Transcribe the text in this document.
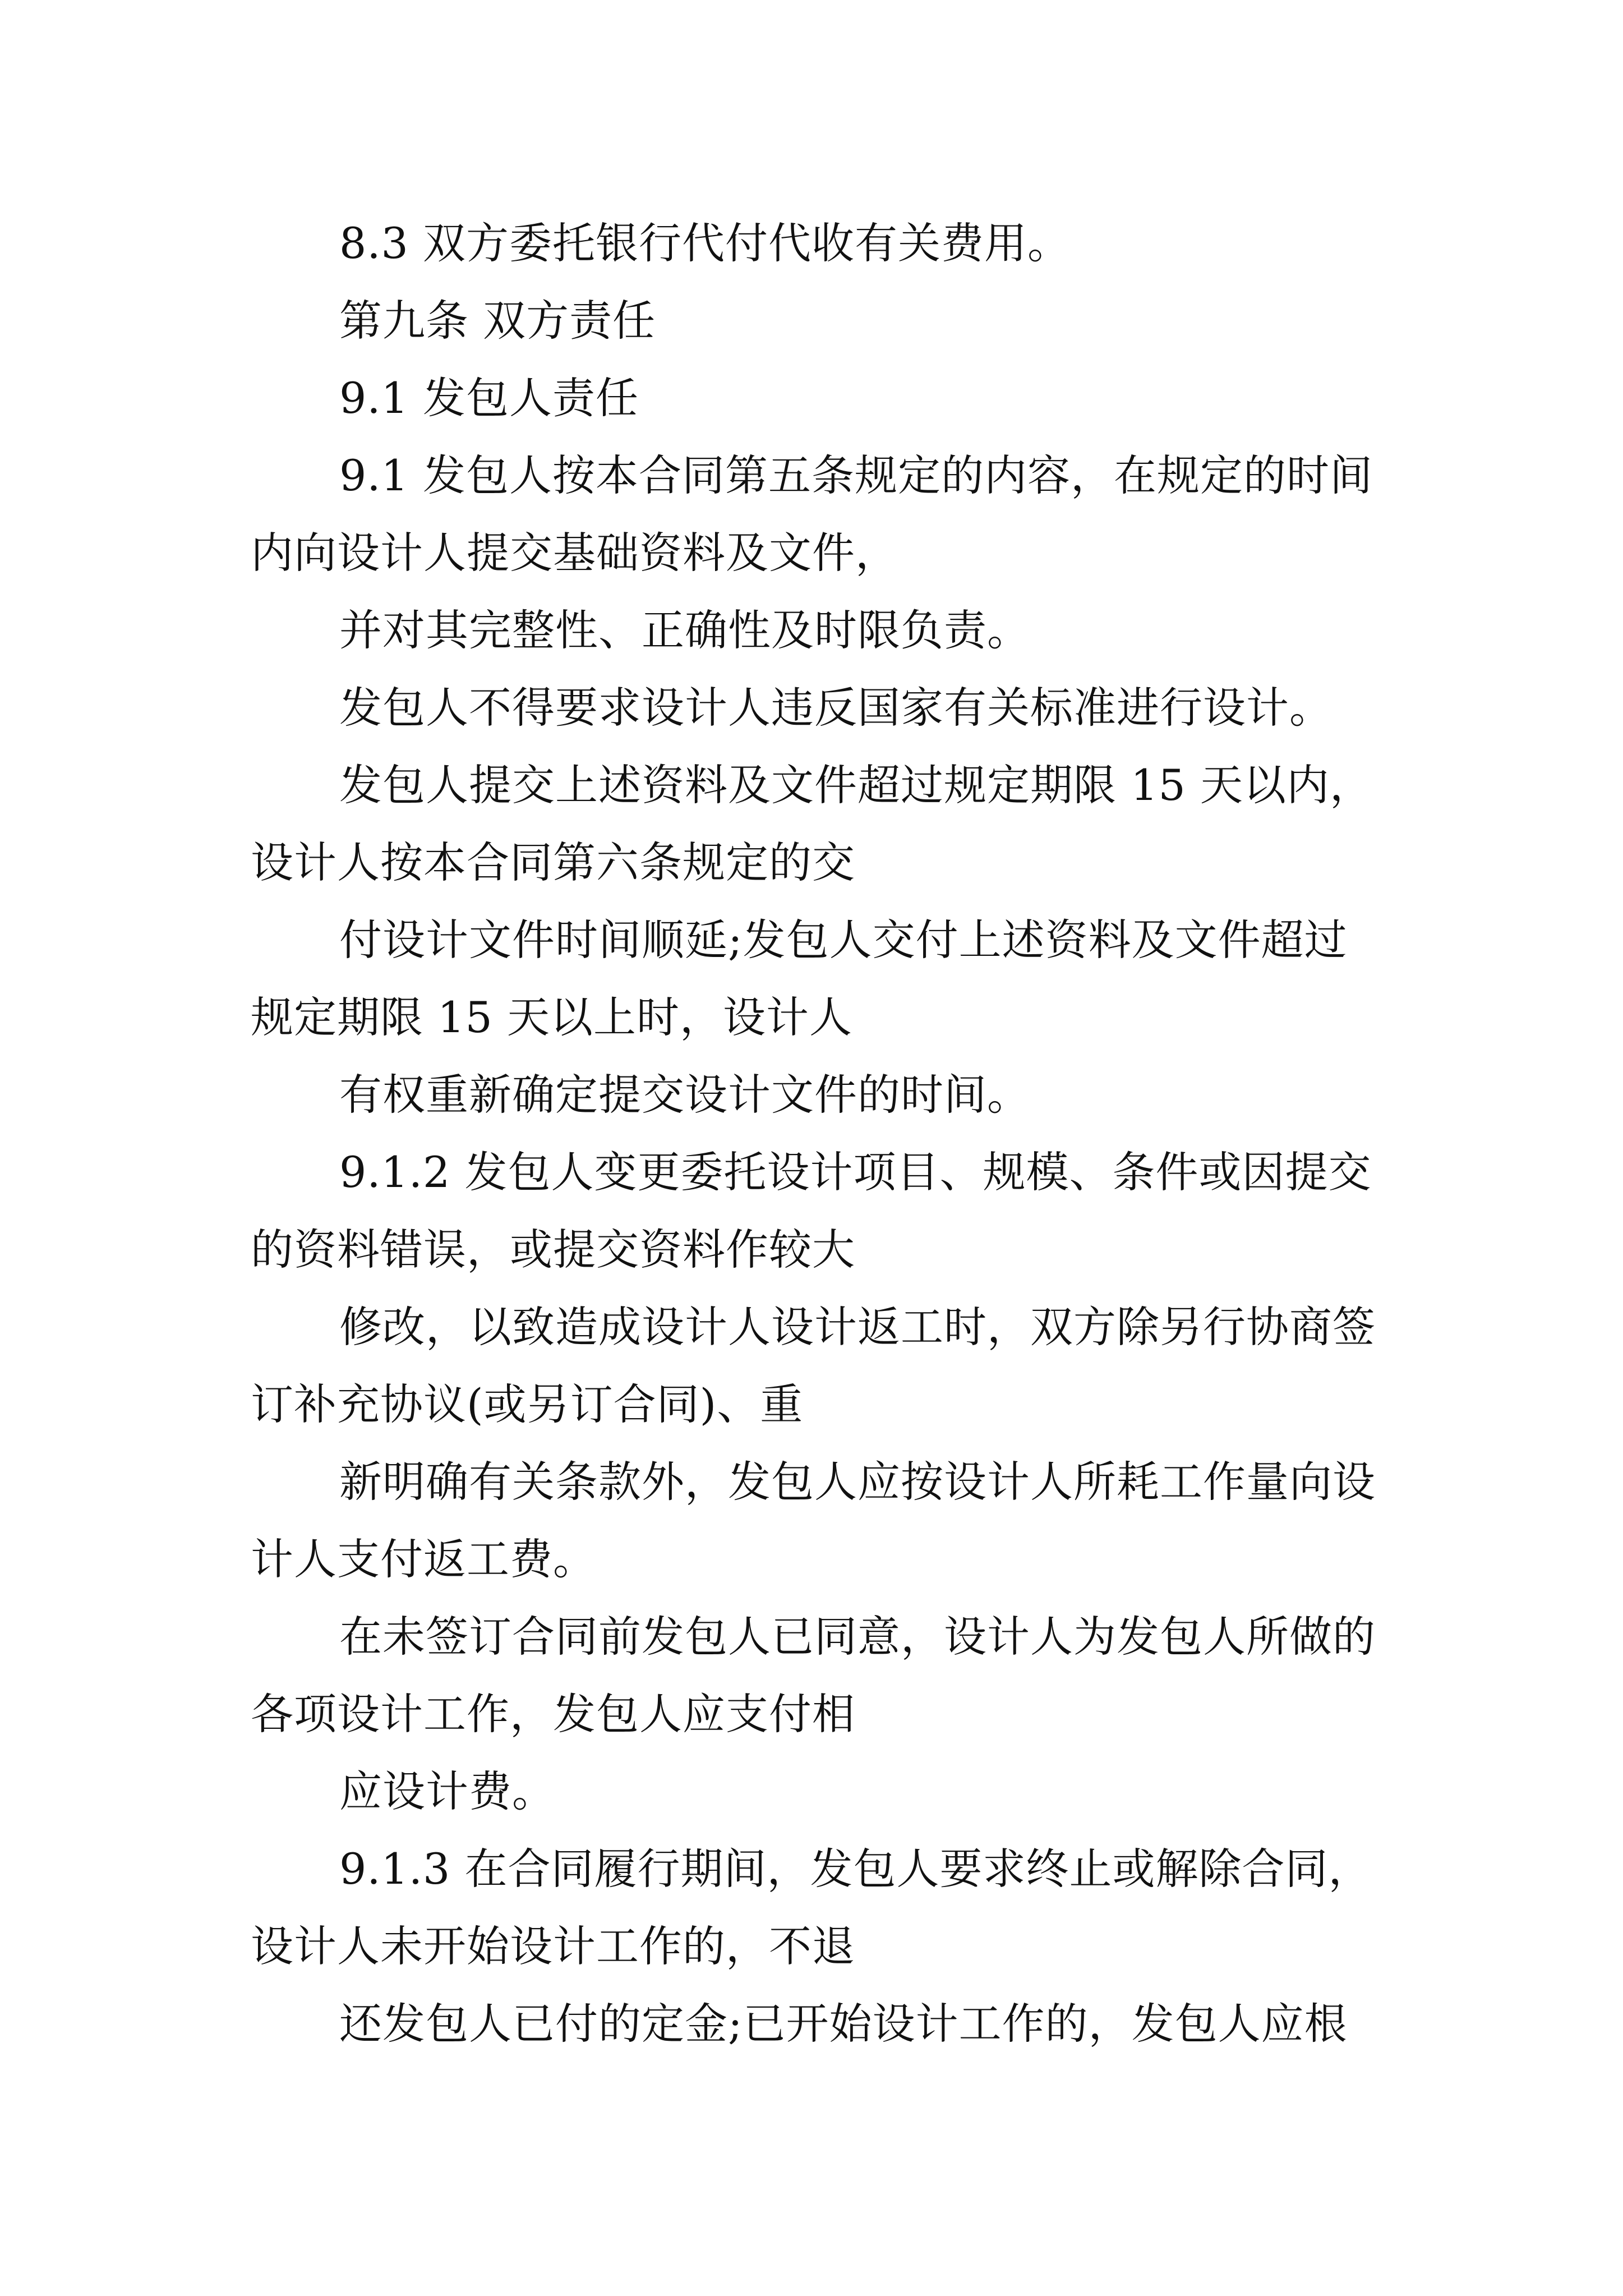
8.3 双方委托银行代付代收有关费用。
第九条 双方责任
9.1 发包人责任
9.1 发包人按本合同第五条规定的内容，在规定的时间
内向设计人提交基础资料及文件，
并对其完整性、正确性及时限负责。
发包人不得要求设计人违反国家有关标准进行设计。
发包人提交上述资料及文件超过规定期限 15 天以内，
设计人按本合同第六条规定的交
付设计文件时间顺延;发包人交付上述资料及文件超过
规定期限 15 天以上时，设计人
有权重新确定提交设计文件的时间。
9.1.2 发包人变更委托设计项目、规模、条件或因提交
的资料错误，或提交资料作较大
修改，以致造成设计人设计返工时，双方除另行协商签
订补充协议(或另订合同)、重
新明确有关条款外，发包人应按设计人所耗工作量向设
计人支付返工费。
在未签订合同前发包人已同意，设计人为发包人所做的
各项设计工作，发包人应支付相
应设计费。
9.1.3 在合同履行期间，发包人要求终止或解除合同，
设计人未开始设计工作的，不退
还发包人已付的定金;已开始设计工作的，发包人应根
